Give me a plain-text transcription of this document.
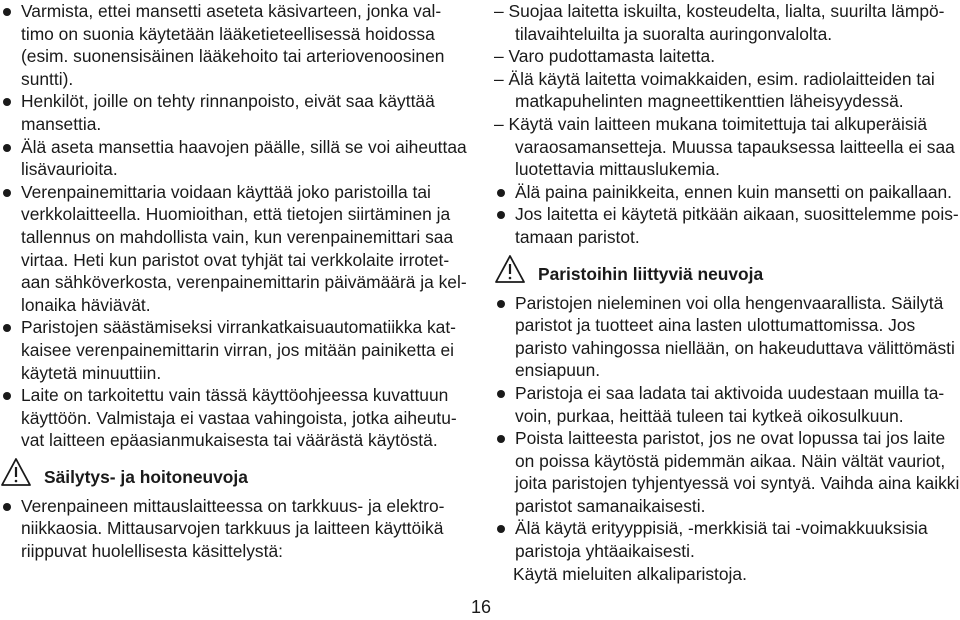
Varmista, ettei mansetti aseteta käsivarteen, jonka val-
timo on suonia käytetään lääketieteellisessä hoidossa
(esim. suonensisäinen lääkehoito tai arteriovenoosinen
suntti).
Henkilöt, joille on tehty rinnanpoisto, eivät saa käyttää
mansettia.
Älä aseta mansettia haavojen päälle, sillä se voi aiheuttaa
lisävaurioita.
Verenpainemittaria voidaan käyttää joko paristoilla tai
verkkolaitteella. Huomioithan, että tietojen siirtäminen ja
tallennus on mahdollista vain, kun verenpainemittari saa
virtaa. Heti kun paristot ovat tyhjät tai verkkolaite irrotet-
aan sähköverkosta, verenpainemittarin päivämäärä ja kel-
lonaika häviävät.
Paristojen säästämiseksi virrankatkaisuautomatiikka kat-
kaisee verenpainemittarin virran, jos mitään painiketta ei
käytetä minuuttiin.
Laite on tarkoitettu vain tässä käyttöohjeessa kuvattuun
käyttöön. Valmistaja ei vastaa vahingoista, jotka aiheutu-
vat laitteen epäasianmukaisesta tai väärästä käytöstä.
Säilytys- ja hoitoneuvoja
Verenpaineen mittauslaitteessa on tarkkuus- ja elektro-
niikkaosia. Mittausarvojen tarkkuus ja laitteen käyttöikä
riippuvat huolellisesta käsittelystä:
– Suojaa laitetta iskuilta, kosteudelta, lialta, suurilta lämpö-
tilavaihteluilta ja suoralta auringonvalolta.
– Varo pudottamasta laitetta.
– Älä käytä laitetta voimakkaiden, esim. radiolaitteiden tai
matkapuhelinten magneettikenttien läheisyydessä.
– Käytä vain laitteen mukana toimitettuja tai alkuperäisiä
varaosamansetteja. Muussa tapauksessa laitteella ei saa
luotettavia mittauslukemia.
Älä paina painikkeita, ennen kuin mansetti on paikallaan.
Jos laitetta ei käytetä pitkään aikaan, suosittelemme pois-
tamaan paristot.
Paristoihin liittyviä neuvoja
Paristojen nieleminen voi olla hengenvaarallista. Säilytä
paristot ja tuotteet aina lasten ulottumattomissa. Jos
paristo vahingossa niellään, on hakeuduttava välittömästi
ensiapuun.
Paristoja ei saa ladata tai aktivoida uudestaan muilla ta-
voin, purkaa, heittää tuleen tai kytkeä oikosulkuun.
Poista laitteesta paristot, jos ne ovat lopussa tai jos laite
on poissa käytöstä pidemmän aikaa. Näin vältät vauriot,
joita paristojen tyhjentyessä voi syntyä. Vaihda aina kaikki
paristot samanaikaisesti.
Älä käytä erityyppisiä, -merkkisiä tai -voimakkuuksisia
paristoja yhtäaikaisesti.
Käytä mieluiten alkaliparistoja.
16
